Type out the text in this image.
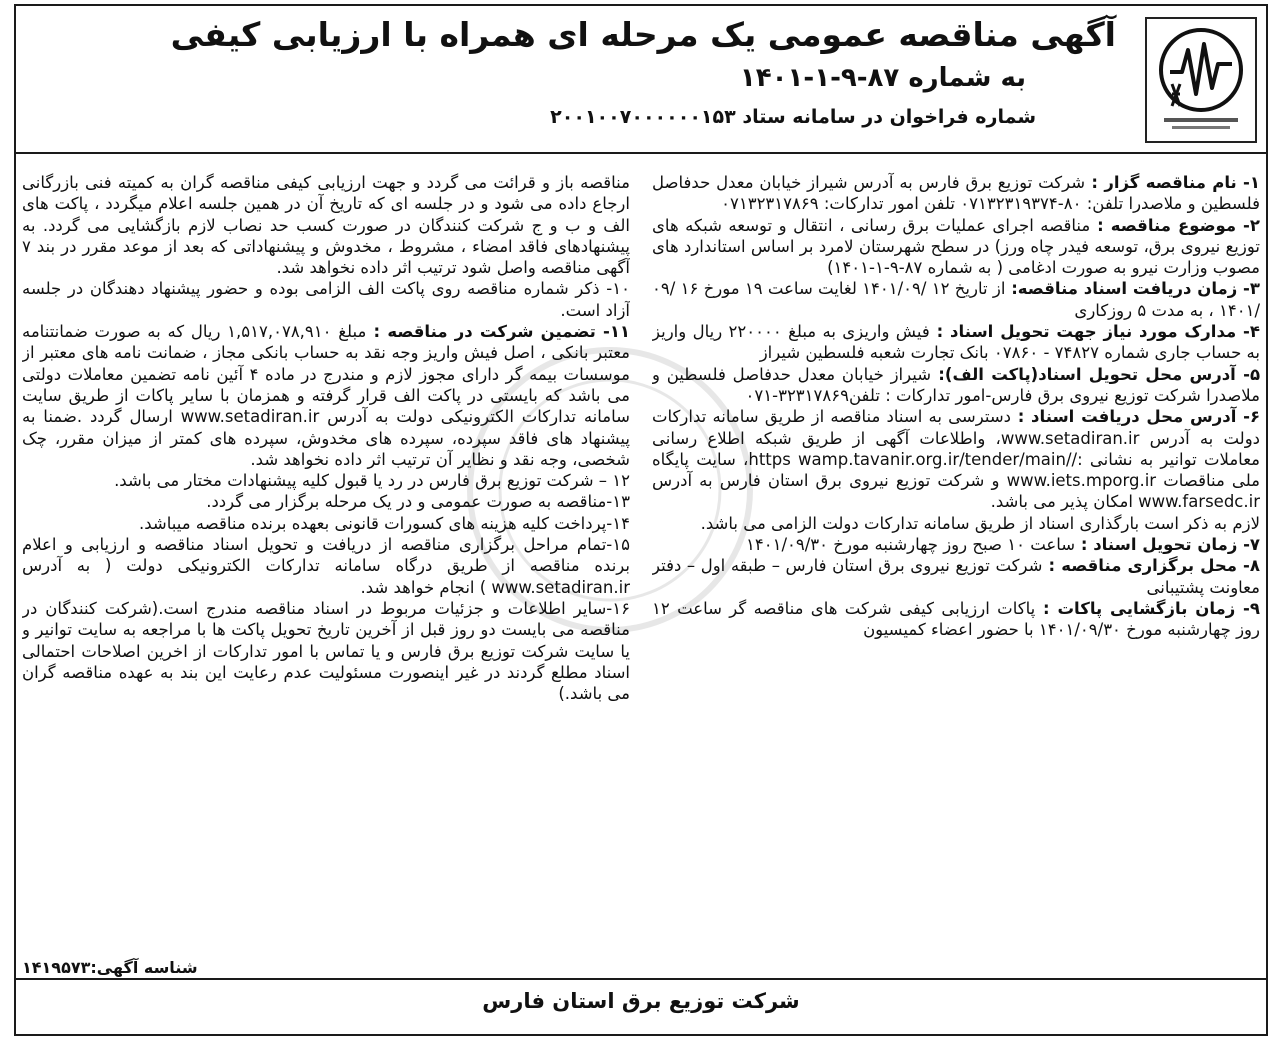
آگهی مناقصه عمومی یک مرحله ای همراه با ارزیابی کیفی

به شماره ۸۷-۹-۱-۱۴۰۱

شماره فراخوان در سامانه ستاد ۲۰۰۱۰۰۷۰۰۰۰۰۰۱۵۳

۱- نام مناقصه گزار : شرکت توزیع برق فارس به آدرس شیراز خیابان معدل حدفاصل فلسطین و ملاصدرا تلفن: ۸۰-۰۷۱۳۲۳۱۹۳۷۴ تلفن امور تدارکات: ۰۷۱۳۲۳۱۷۸۶۹

۲- موضوع مناقصه : مناقصه اجرای عملیات برق رسانی ، انتقال و توسعه شبکه های توزیع نیروی برق، توسعه فیدر چاه ورز) در سطح شهرستان لامرد بر اساس استاندارد های مصوب وزارت نیرو به صورت ادغامی ( به شماره ۸۷-۹-۱-۱۴۰۱)

۳- زمان دریافت اسناد مناقصه: از تاریخ ۱۲ /۱۴۰۱/۰۹ لغایت ساعت ۱۹ مورخ ۱۶ /۰۹ /۱۴۰۱ ، به مدت ۵ روزکاری

۴- مدارک مورد نیاز جهت تحویل اسناد : فیش واریزی به مبلغ ۲۲۰۰۰۰ ریال واریز به حساب جاری شماره ۷۴۸۲۷ - ۰۷۸۶۰ بانک تجارت شعبه فلسطین شیراز

۵- آدرس محل تحویل اسناد(پاکت الف): شیراز خیابان معدل حدفاصل فلسطین و ملاصدرا شرکت توزیع نیروی برق فارس-امور تدارکات : تلفن۳۲۳۱۷۸۶۹-۰۷۱

۶- آدرس محل دریافت اسناد : دسترسی به اسناد مناقصه از طریق سامانه تدارکات دولت به آدرس www.setadiran.ir، واطلاعات آگهی از طریق شبکه اطلاع رسانی معاملات توانیر به نشانی ://https wamp.tavanir.org.ir/tender/main، سایت پایگاه ملی مناقصات www.iets.mporg.ir و شرکت توزیع نیروی برق استان فارس به آدرس www.farsedc.ir امکان پذیر می باشد.

لازم به ذکر است بارگذاری اسناد از طریق سامانه تدارکات دولت الزامی می باشد.

۷- زمان تحویل اسناد : ساعت ۱۰ صبح روز چهارشنبه مورخ ۱۴۰۱/۰۹/۳۰

۸- محل برگزاری مناقصه : شرکت توزیع نیروی برق استان فارس – طبقه اول – دفتر معاونت پشتیبانی

۹- زمان بازگشایی پاکات : پاکات ارزیابی کیفی شرکت های مناقصه گر ساعت ۱۲ روز چهارشنبه مورخ ۱۴۰۱/۰۹/۳۰ با حضور اعضاء کمیسیون

مناقصه باز و قرائت می گردد و جهت ارزیابی کیفی مناقصه گران به کمیته فنی بازرگانی ارجاع داده می شود و در جلسه ای که تاریخ آن در همین جلسه اعلام میگردد ، پاکت های الف و ب و ج شرکت کنندگان در صورت کسب حد نصاب لازم بازگشایی می گردد. به پیشنهادهای فاقد امضاء ، مشروط ، مخدوش و پیشنهاداتی که بعد از موعد مقرر در بند ۷ آگهی مناقصه واصل شود ترتیب اثر داده نخواهد شد.

۱۰- ذکر شماره مناقصه روی پاکت الف الزامی بوده و حضور پیشنهاد دهندگان در جلسه آزاد است.

۱۱- تضمین شرکت در مناقصه : مبلغ ۱,۵۱۷,۰۷۸,۹۱۰ ریال که به صورت ضمانتنامه معتبر بانکی ، اصل فیش واریز وجه نقد به حساب بانکی مجاز ، ضمانت نامه های معتبر از موسسات بیمه گر دارای مجوز لازم و مندرج در ماده ۴ آئین نامه تضمین معاملات دولتی می باشد که بایستی در پاکت الف قرار گرفته و همزمان با سایر پاکات از طریق سایت سامانه تدارکات الکترونیکی دولت به آدرس www.setadiran.ir ارسال گردد .ضمنا به پیشنهاد های فاقد سپرده، سپرده های مخدوش، سپرده های کمتر از میزان مقرر، چک شخصی، وجه نقد و نظایر آن ترتیب اثر داده نخواهد شد.

۱۲ – شرکت توزیع برق فارس در رد یا قبول کلیه پیشنهادات مختار می باشد.

۱۳-مناقصه به صورت عمومی و در یک مرحله برگزار می گردد.

۱۴-پرداخت کلیه هزینه های کسورات قانونی بعهده برنده مناقصه میباشد.

۱۵-تمام مراحل برگزاری مناقصه از دریافت و تحویل اسناد مناقصه و ارزیابی و اعلام برنده مناقصه از طریق درگاه سامانه تدارکات الکترونیکی دولت ( به آدرس www.setadiran.ir ) انجام خواهد شد.

۱۶-سایر اطلاعات و جزئیات مربوط در اسناد مناقصه مندرج است.(شرکت کنندگان در مناقصه می بایست دو روز قبل از آخرین تاریخ تحویل پاکت ها با مراجعه به سایت توانیر و یا سایت شرکت توزیع برق فارس و یا تماس با امور تدارکات از اخرین اصلاحات احتمالی اسناد مطلع گردند در غیر اینصورت مسئولیت عدم رعایت این بند به عهده مناقصه گران می باشد.)

شناسه آگهی:۱۴۱۹۵۷۳
شرکت توزیع برق استان فارس
